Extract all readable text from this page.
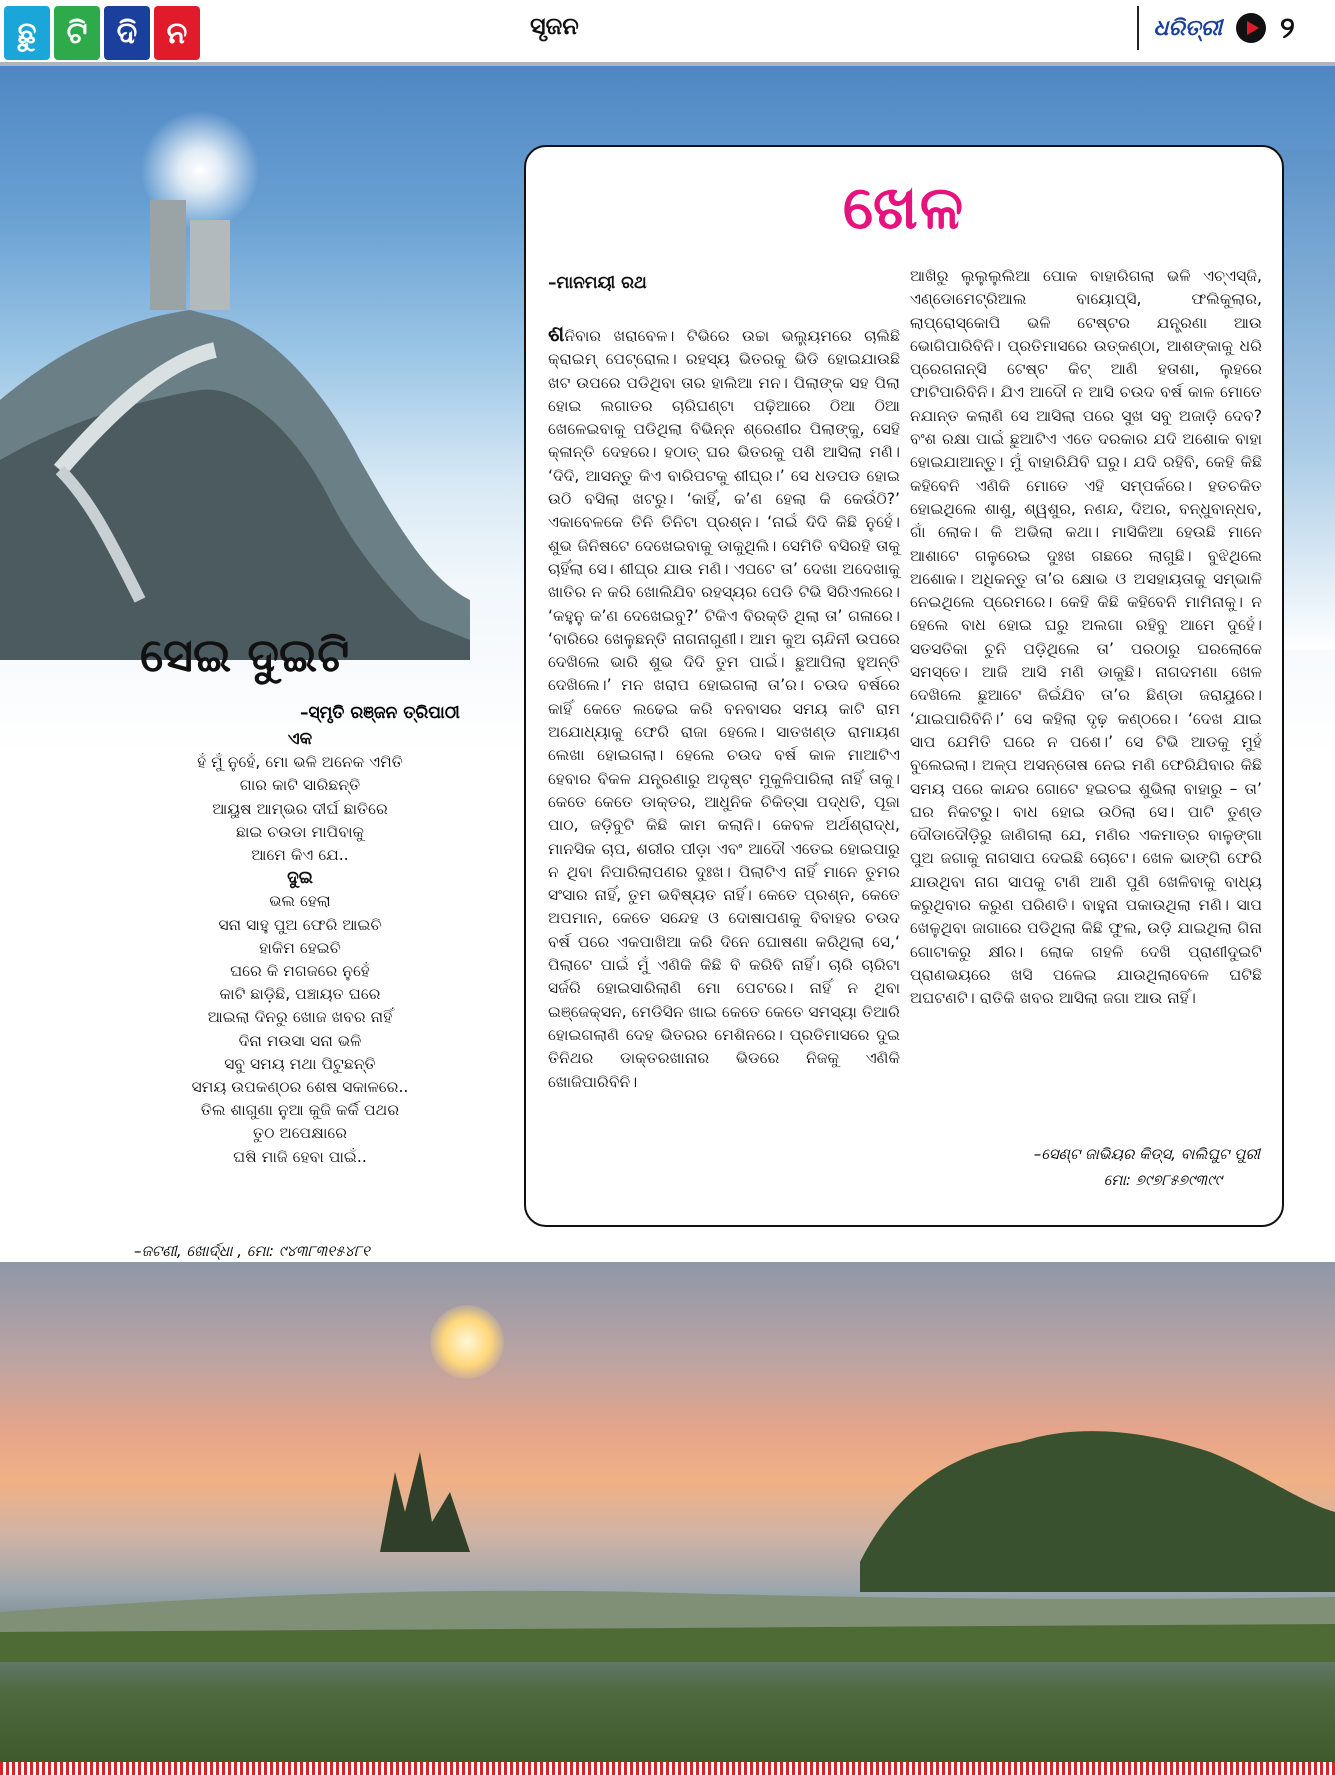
ଛୁ	ଟି ଦି ନ	ସୃଜନ	ଧରିତ୍ରୀ ୨
ଖେଳ
–ମାନମୟୀ ରଥ

ଶନିବାର ଖରାବେଳ। ଟିଭିରେ ଉଚ୍ଚା ଭଲ୍ୟୁମରେ ଚାଲିଛି କ୍ରାଇମ୍ ପେଟ୍ରୋଲ। ରହସ୍ୟ ଭିତରକୁ ଭିଡି ହୋଇଯାଉଛି ଖଟ ଉପରେ ପଡିଥିବା ତାର ହାଲିଆ ମନ। ପିଲାଙ୍କ ସହ ପିଲା ହୋଇ ଲଗାତର ଚାରିଘଣ୍ଟା ପଢ଼ିଆରେ ଠିଆ ଠିଆ ଖେଳେଇବାକୁ ପଡିଥିଲା ବିଭିନ୍ନ ଶ୍ରେଣୀର ପିଲାଙ୍କୁ, ସେହି କ୍ଳାନ୍ତି ଦେହରେ। ହଠାତ୍ ଘର ଭିତରକୁ ପଶି ଆସିଲା ମଣି। ‘ଦିଦି, ଆସନ୍ତୁ କିଏ ବାରିପଟକୁ ଶୀଘ୍ର।’ ସେ ଧଡପଡ ହୋଇ ଉଠି ବସିଲା ଖଟରୁ। ‘କାହିଁ, କ’ଣ ହେଲା କି କେଉଁଠି?’ ଏକାବେଳକେ ତିନି ତିନିଟା ପ୍ରଶ୍ନ। ‘ନାଇଁ ଦିଦି କିଛି ନୁହେଁ। ଶୁଭ ଜିନିଷଟେ ଦେଖେଇବାକୁ ଡାକୁଥିଲି। ସେମିତି ବସିରହି ତାକୁ ଚାହିଁଲା ସେ। ଶୀଘ୍ର ଯାଉ ମଣି। ଏପଟେ ତା’ ଦେଖା ଅଦେଖାକୁ ଖାତିର ନ କରି ଖୋଲିଯିବ ରହସ୍ୟର ପେଡି ଟିଭି ସିରିଏଲରେ। ‘କହୁନୁ କ’ଣ ଦେଖେଇବୁ?’ ଟିକିଏ ବିରକ୍ତି ଥିଲା ତା’ ଗଳାରେ। ‘ବାରିରେ ଖେଳୁଛନ୍ତି ନାଗନାଗୁଣୀ। ଆମ କୁଅ ଚାନ୍ଦିନୀ ଉପରେ ଦେଖିଲେ ଭାରି ଶୁଭ ଦିଦି ତୁମ ପାଇଁ। ଛୁଆପିଲା ହୁଅନ୍ତି ଦେଖିଲେ।’ ମନ ଖରାପ ହୋଇଗଲା ତା’ର। ଚଉଦ ବର୍ଷରେ କାହିଁ କେତେ ଲଢେଇ କରି ବନବାସର ସମୟ କାଟି ରାମ ଅଯୋଧ୍ୟାକୁ ଫେରି ରାଜା ହେଲେ। ସାତଖଣ୍ଡ ରାମାୟଣ ଲେଖା ହୋଇଗଲା। ହେଲେ ଚଉଦ ବର୍ଷ କାଳ ମାଆଟିଏ ହେବାର ବିକଳ ଯନ୍ତ୍ରଣାରୁ ଅଦୃଷ୍ଟ ମୁକୁଳିପାରିଲା ନାହିଁ ତାକୁ। କେତେ କେତେ ଡାକ୍ତର, ଆଧୁନିକ ଚିକିତ୍ସା ପଦ୍ଧତି, ପୂଜା ପାଠ, ଜଡ଼ିବୁଟି କିଛି କାମ କଲାନି। କେବଳ ଅର୍ଥଶ୍ରାଦ୍ଧ, ମାନସିକ ଚାପ, ଶରୀର ପୀଡ଼ା ଏବଂ ଆଦୌ ଏତେଇ ହୋଇପାରୁ ନ ଥିବା ନିପାରିଲାପଣର ଦୁଃଖ। ପିଲାଟିଏ ନାହିଁ ମାନେ ତୁମର ସଂସାର ନାହିଁ, ତୁମ ଭବିଷ୍ୟତ ନାହିଁ। କେତେ ପ୍ରଶ୍ନ, କେତେ ଅପମାନ, କେତେ ସନ୍ଦେହ ଓ ଦୋଷାପଣକୁ ବିବାହର ଚଉଦ ବର୍ଷ ପରେ ଏକପାଖିଆ କରି ଦିନେ ଘୋଷଣା କରିଥିଲା ସେ,‘ ପିଲାଟେ ପାଇଁ ମୁଁ ଏଣିକି କିଛି ବି କରିବି ନାହିଁ। ଚାରି ଚାରିଟା ସର୍ଜରି ହୋଇସାରିଲାଣି ମୋ ପେଟରେ। ନାହିଁ ନ ଥିବା ଇଞ୍ଜେକ୍ସନ, ମେଡିସିନ ଖାଇ କେତେ କେତେ ସମସ୍ୟା ତିଆରି ହୋଇଗଲାଣି ଦେହ ଭିତରର ମେଶିନରେ। ପ୍ରତିମାସରେ ଦୁଇ ତିନିଥର ଡାକ୍ତରଖାନାର ଭିଡରେ ନିଜକୁ ଏଣିକି ଖୋଜିପାରିବିନି।

ଆଖିରୁ ଲୁଲୁଲୁଲିଆ ପୋକ ବାହାରିଗଲା ଭଳି ଏଚ୍ଏସ୍ଜି, ଏଣ୍ଡୋମେଟ୍ରିଆଲ ବାୟୋପ୍ସି, ଫଲିକୁଲାର, ଲାପ୍ରୋସ୍କୋପି ଭଳି ଟେଷ୍ଟର ଯନ୍ତ୍ରଣା ଆଉ ଭୋଗିପାରିବିନି। ପ୍ରତିମାସରେ ଉତ୍କଣ୍ଠା, ଆଶଙ୍କାକୁ ଧରି ପ୍ରେଗନାନ୍ସି ଟେଷ୍ଟ କିଟ୍ ଆଣି ହତାଶା, ଲୁହରେ ଫାଟିପାରିବିନି। ଯିଏ ଆଦୌ ନ ଆସି ଚଉଦ ବର୍ଷ କାଳ ମୋତେ ନଯାନ୍ତ କଲାଣି ସେ ଆସିଲା ପରେ ସୁଖ ସବୁ ଅଜାଡ଼ି ଦେବ? ବଂଶ ରକ୍ଷା ପାଇଁ ଛୁଆଟିଏ ଏତେ ଦରକାର ଯଦି ଅଶୋକ ବାହା ହୋଇଯାଆନ୍ତୁ। ମୁଁ ବାହାରିଯିବି ଘରୁ। ଯଦି ରହିବି, କେହି କିଛି କହିବେନି ଏଣିକି ମୋତେ ଏହି ସମ୍ପର୍କରେ। ହତଚକିତ ହୋଇଥିଲେ ଶାଶୁ, ଶ୍ୱଶୁର, ନଣନ୍ଦ, ଦିଅର, ବନ୍ଧୁବାନ୍ଧବ, ଗାଁ ଲୋକ। କି ଅଭିଲା କଥା। ମାସିକିଆ ହେଉଛି ମାନେ ଆଶାଟେ ଗଳୁରେଇ ଦୁଃଖ ଗଛରେ ଲାଗୁଛି। ବୁଝିଥିଲେ ଅଶୋକ। ଅଧିକନ୍ତୁ ତା’ର କ୍ଷୋଭ ଓ ଅସହାୟତାକୁ ସମ୍ଭାଳି ନେଇଥିଲେ ପ୍ରେମରେ। କେହି କିଛି କହିବେନି ମାମିନାକୁ। ନ ହେଲେ ବାଧ ହୋଇ ଘରୁ ଅଲଗା ରହିବୁ ଆମେ ଦୁହେଁ। ସତସତିକା ଚୁନି ପଡ଼ିଥିଲେ ତା’ ପରଠାରୁ ଘରଲୋକେ ସମସ୍ତେ। ଆଜି ଆସି ମଣି ଡାକୁଛି। ନାଗଦମଣା ଖେଳ ଦେଖିଲେ ଛୁଆଟେ ଜିଇଁଯିବ ତା’ର ଛିଣ୍ଡା ଜରାୟୁରେ। ‘ଯାଇପାରିବିନି।’ ସେ କହିଲା ଦୃଢ଼ କଣ୍ଠରେ। ‘ଦେଖ ଯାଇ ସାପ ଯେମିତି ଘରେ ନ ପଶେ।’ ସେ ଟିଭି ଆଡକୁ ମୁହଁ ବୁଲେଇଲା। ଅଳ୍ପ ଅସନ୍ତୋଷ ନେଇ ମଣି ଫେରିଯିବାର କିଛି ସମୟ ପରେ କାନ୍ଦର ଗୋଟେ ହଇଚଇ ଶୁଭିଲା ବାହାରୁ – ତା’ ଘର ନିକଟରୁ। ବାଧ ହୋଇ ଉଠିଲା ସେ। ପାଟି ତୁଣ୍ଡ ଦୌଡାଦୌଡ଼ିରୁ ଜାଣିଗଲା ଯେ, ମଣିର ଏକମାତ୍ର ବାଳୁଙ୍ଗା ପୁଅ ଜଗାକୁ ନାଗସାପ ଦେଇଛି ଚୋଟେ। ଖେଳ ଭାଙ୍ଗି ଫେରି ଯାଉଥିବା ନାଗ ସାପକୁ ଟାଣି ଆଣି ପୁଣି ଖେଳିବାକୁ ବାଧ୍ୟ କରୁଥିବାର କରୁଣ ପରିଣତି। ବାହୁନା ପକାଉଥିଲା ମଣି। ସାପ ଖେଳୁଥିବା ଜାଗାରେ ପଡିଥିଲା କିଛି ଫୁଲ, ଉଡ଼ି ଯାଇଥିଲା ଗିନା ଗୋଟାକରୁ କ୍ଷୀର। ଲୋକ ଗହଳି ଦେଖି ପ୍ରାଣୀଦୁଇଟି ପ୍ରାଣଭୟରେ ଖସି ପଳେଇ ଯାଉଥିଲାବେଳେ ଘଟିଛି ଅଘଟଣଟି। ରାତିକି ଖବର ଆସିଲା ଜଗା ଆଉ ନାହିଁ।

–ସେଣ୍ଟ ଜାଭିୟର କିଡ୍ସ, ବାଲିଘୁଟ ପୁରୀ
ମୋ: ୭୯୭୮୫୭୯୩୯୯
ସେଇ ଦୁଇଟି
–ସ୍ମୃତି ରଞ୍ଜନ ତ୍ରିପାଠୀ
ଏକ
ହଁ ମୁଁ ନୁହେଁ, ମୋ ଭଳି ଅନେକ ଏମିତି
ଗାର କାଟି ସାରିଛନ୍ତି
ଆୟୁଷ ଆମ୍ଭର ଦୀର୍ଘ ଛାତିରେ
ଛାଇ ଚଉଡା ମାପିବାକୁ
ଆମେ କିଏ ଯେ..
ଦୁଇ
ଭଲ ହେଲା
ସନା ସାହୁ ପୁଅ ଫେରି ଆଇଚି
ହାକିମ ହେଇଚି
ଘରେ କି ମଗଜରେ ନୁହେଁ
କାଟି ଛାଡ଼ିଛି, ପଞ୍ଚାୟତ ଘରେ
ଆଇଲା ଦିନରୁ ଖୋଜ ଖବର ନାହିଁ
ଦିନା ମଉସା ସନା ଭଳି
ସବୁ ସମୟ ମଥା ପିଟୁଛନ୍ତି
ସମୟ ଉପକଣ୍ଠର ଶେଷ ସକାଳରେ..
ତିଲ ଶାଗୁଣା ନୁଆ କୁଜି କର୍କି ପଥର
ତୁଠ ଅପେକ୍ଷାରେ
ଘଷି ମାଜି ହେବା ପାଇଁ..
–ଜଟଣୀ, ଖୋର୍ଦ୍ଧା , ମୋ: ୯୪୩୮୩୧୫୪୮୧
